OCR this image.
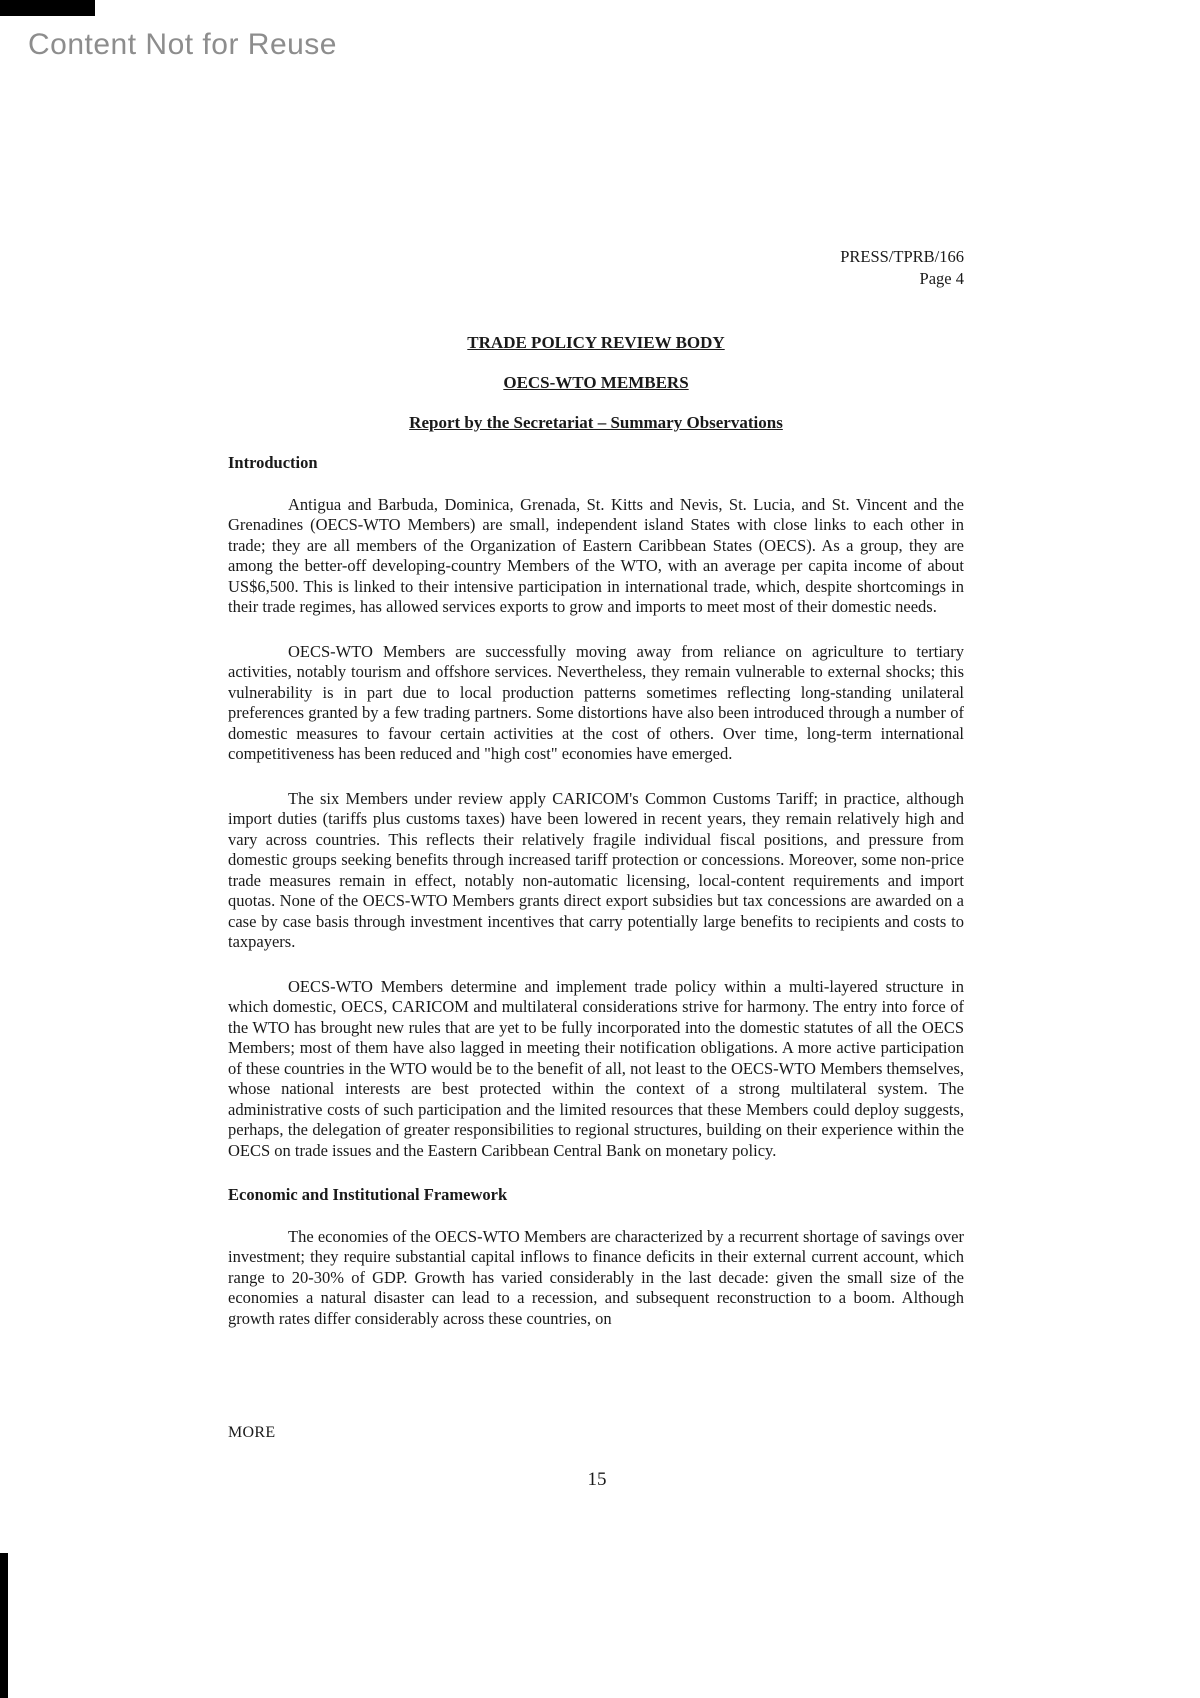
Content Not for Reuse
PRESS/TPRB/166
Page 4
TRADE POLICY REVIEW BODY
OECS-WTO MEMBERS
Report by the Secretariat – Summary Observations
Introduction

Antigua and Barbuda, Dominica, Grenada, St. Kitts and Nevis, St. Lucia, and St. Vincent and the Grenadines (OECS-WTO Members) are small, independent island States with close links to each other in trade; they are all members of the Organization of Eastern Caribbean States (OECS). As a group, they are among the better-off developing-country Members of the WTO, with an average per capita income of about US$6,500. This is linked to their intensive participation in international trade, which, despite shortcomings in their trade regimes, has allowed services exports to grow and imports to meet most of their domestic needs.

OECS-WTO Members are successfully moving away from reliance on agriculture to tertiary activities, notably tourism and offshore services. Nevertheless, they remain vulnerable to external shocks; this vulnerability is in part due to local production patterns sometimes reflecting long-standing unilateral preferences granted by a few trading partners. Some distortions have also been introduced through a number of domestic measures to favour certain activities at the cost of others. Over time, long-term international competitiveness has been reduced and "high cost" economies have emerged.

The six Members under review apply CARICOM's Common Customs Tariff; in practice, although import duties (tariffs plus customs taxes) have been lowered in recent years, they remain relatively high and vary across countries. This reflects their relatively fragile individual fiscal positions, and pressure from domestic groups seeking benefits through increased tariff protection or concessions. Moreover, some non-price trade measures remain in effect, notably non-automatic licensing, local-content requirements and import quotas. None of the OECS-WTO Members grants direct export subsidies but tax concessions are awarded on a case by case basis through investment incentives that carry potentially large benefits to recipients and costs to taxpayers.

OECS-WTO Members determine and implement trade policy within a multi-layered structure in which domestic, OECS, CARICOM and multilateral considerations strive for harmony. The entry into force of the WTO has brought new rules that are yet to be fully incorporated into the domestic statutes of all the OECS Members; most of them have also lagged in meeting their notification obligations. A more active participation of these countries in the WTO would be to the benefit of all, not least to the OECS-WTO Members themselves, whose national interests are best protected within the context of a strong multilateral system. The administrative costs of such participation and the limited resources that these Members could deploy suggests, perhaps, the delegation of greater responsibilities to regional structures, building on their experience within the OECS on trade issues and the Eastern Caribbean Central Bank on monetary policy.

Economic and Institutional Framework

The economies of the OECS-WTO Members are characterized by a recurrent shortage of savings over investment; they require substantial capital inflows to finance deficits in their external current account, which range to 20-30% of GDP. Growth has varied considerably in the last decade: given the small size of the economies a natural disaster can lead to a recession, and subsequent reconstruction to a boom. Although growth rates differ considerably across these countries, on

MORE
15
